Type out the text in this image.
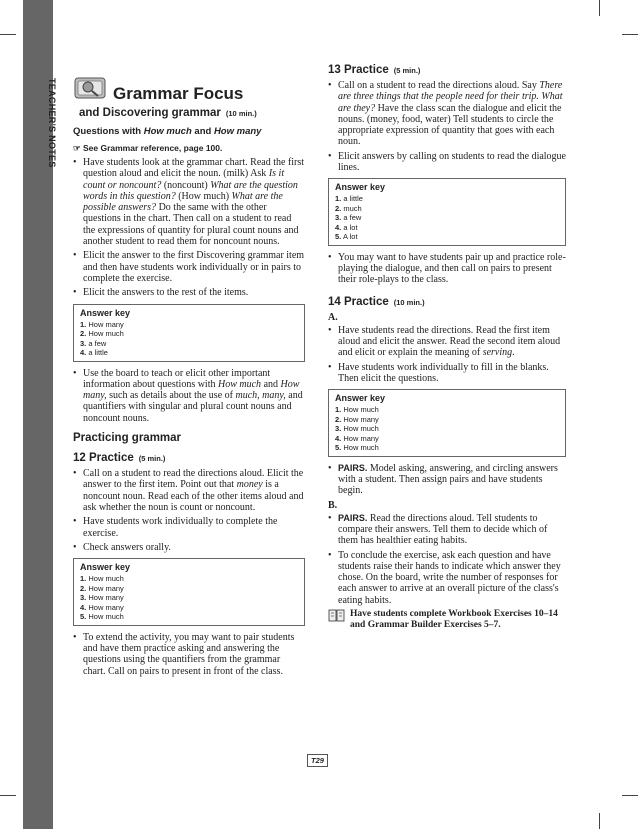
TEACHER'S NOTES	Grammar Focus
and Discovering grammar (10 min.)
Questions with How much and How many
☞ See Grammar reference, page 100.
• Have students look at the grammar chart. Read the first question aloud and elicit the noun. (milk) Ask Is it count or noncount? (noncount) What are the question words in this question? (How much) What are the possible answers? Do the same with the other questions in the chart. Then call on a student to read the expressions of quantity for plural count nouns and another student to read them for noncount nouns.
• Elicit the answer to the first Discovering grammar item and then have students work individually or in pairs to complete the exercise.
• Elicit the answers to the rest of the items.
Answer key
1. How many
2. How much
3. a few
4. a little
• Use the board to teach or elicit other important information about questions with How much and How many, such as details about the use of much, many, and quantifiers with singular and plural count nouns and noncount nouns.
Practicing grammar
12 Practice (5 min.)
• Call on a student to read the directions aloud. Elicit the answer to the first item. Point out that money is a noncount noun. Read each of the other items aloud and ask whether the noun is count or noncount.
• Have students work individually to complete the exercise.
• Check answers orally.
Answer key
1. How much
2. How many
3. How many
4. How many
5. How much
• To extend the activity, you may want to pair students and have them practice asking and answering the questions using the quantifiers from the grammar chart. Call on pairs to present in front of the class.
13 Practice (5 min.)
• Call on a student to read the directions aloud. Say There are three things that the people need for their trip. What are they? Have the class scan the dialogue and elicit the nouns. (money, food, water) Tell students to circle the appropriate expression of quantity that goes with each noun.
• Elicit answers by calling on students to read the dialogue lines.
Answer key
1. a little
2. much
3. a few
4. a lot
5. A lot
• You may want to have students pair up and practice role-playing the dialogue, and then call on pairs to present their role-plays to the class.
14 Practice (10 min.)
A.
• Have students read the directions. Read the first item aloud and elicit the answer. Read the second item aloud and elicit or explain the meaning of serving.
• Have students work individually to fill in the blanks. Then elicit the questions.
Answer key
1. How much
2. How many
3. How much
4. How many
5. How much
• PAIRS. Model asking, answering, and circling answers with a student. Then assign pairs and have students begin.
B.
• PAIRS. Read the directions aloud. Tell students to compare their answers. Tell them to decide which of them has healthier eating habits.
• To conclude the exercise, ask each question and have students raise their hands to indicate which answer they chose. On the board, write the number of responses for each answer to arrive at an overall picture of the class's eating habits.
Have students complete Workbook Exercises 10–14 and Grammar Builder Exercises 5–7.
T29
